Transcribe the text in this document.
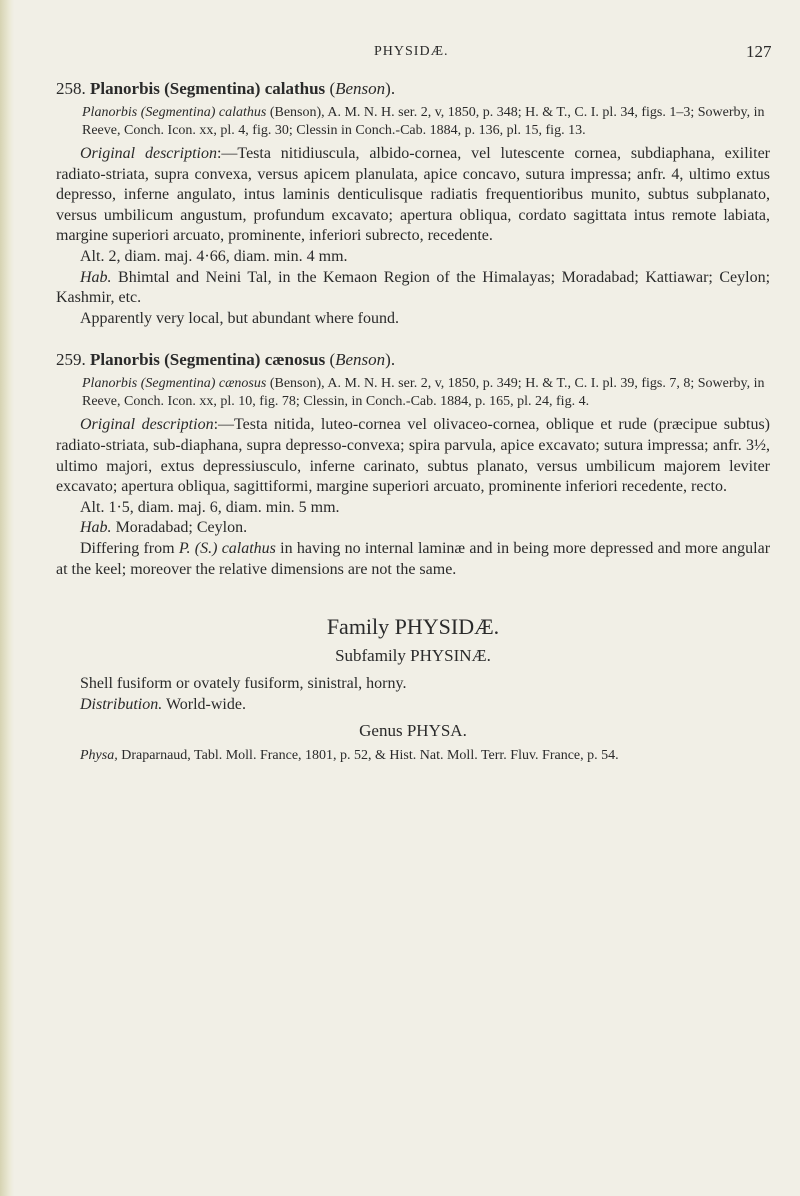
PHYSIDÆ.	127
258. Planorbis (Segmentina) calathus (Benson).
Planorbis (Segmentina) calathus (Benson), A. M. N. H. ser. 2, v, 1850, p. 348; H. & T., C. I. pl. 34, figs. 1–3; Sowerby, in Reeve, Conch. Icon. xx, pl. 4, fig. 30; Clessin in Conch.-Cab. 1884, p. 136, pl. 15, fig. 13.

Original description:—Testa nitidiuscula, albido-cornea, vel lutescente cornea, subdiaphana, exiliter radiato-striata, supra convexa, versus apicem planulata, apice concavo, sutura impressa; anfr. 4, ultimo extus depresso, inferne angulato, intus laminis denticulisque radiatis frequentioribus munito, subtus subplanato, versus umbilicum angustum, profundum excavato; apertura obliqua, cordato sagittata intus remote labiata, margine superiori arcuato, prominente, inferiori subrecto, recedente.

Alt. 2, diam. maj. 4·66, diam. min. 4 mm.

Hab. Bhimtal and Neini Tal, in the Kemaon Region of the Himalayas; Moradabad; Kattiawar; Ceylon; Kashmir, etc.

Apparently very local, but abundant where found.

259. Planorbis (Segmentina) cænosus (Benson).
Planorbis (Segmentina) cænosus (Benson), A. M. N. H. ser. 2, v, 1850, p. 349; H. & T., C. I. pl. 39, figs. 7, 8; Sowerby, in Reeve, Conch. Icon. xx, pl. 10, fig. 78; Clessin, in Conch.-Cab. 1884, p. 165, pl. 24, fig. 4.

Original description:—Testa nitida, luteo-cornea vel olivaceo-cornea, oblique et rude (præcipue subtus) radiato-striata, sub-diaphana, supra depresso-convexa; spira parvula, apice excavato; sutura impressa; anfr. 3½, ultimo majori, extus depressiusculo, inferne carinato, subtus planato, versus umbilicum majorem leviter excavato; apertura obliqua, sagittiformi, margine superiori arcuato, prominente inferiori recedente, recto.

Alt. 1·5, diam. maj. 6, diam. min. 5 mm.

Hab. Moradabad; Ceylon.

Differing from P. (S.) calathus in having no internal laminæ and in being more depressed and more angular at the keel; moreover the relative dimensions are not the same.

Family PHYSIDÆ.
Subfamily PHYSINÆ.

Shell fusiform or ovately fusiform, sinistral, horny.

Distribution. World-wide.

Genus PHYSA.
Physa, Draparnaud, Tabl. Moll. France, 1801, p. 52, & Hist. Nat. Moll. Terr. Fluv. France, p. 54.
